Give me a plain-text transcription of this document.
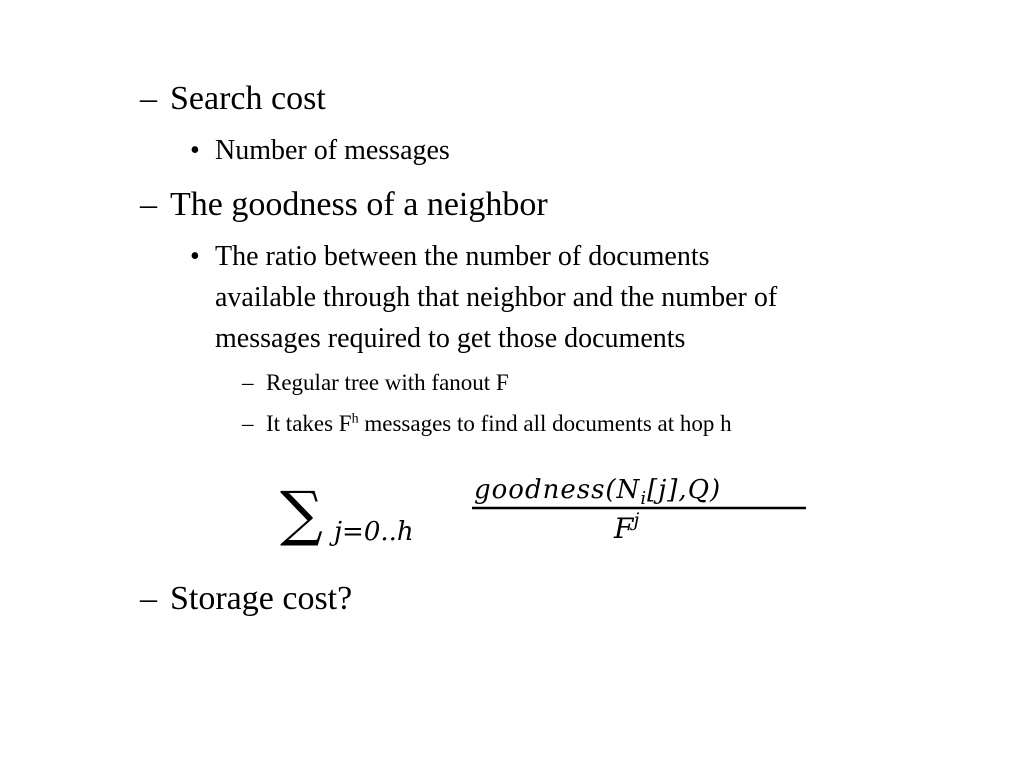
– Search cost
• Number of messages
– The goodness of a neighbor
• The ratio between the number of documents
available through that neighbor and the number of
messages required to get those documents
– Regular tree with fanout F
– It takes $F^h$ messages to find all documents at hop h
∑ j=0..h
$goodness(N_i[j],Q)$
$F^j$
– Storage cost?
